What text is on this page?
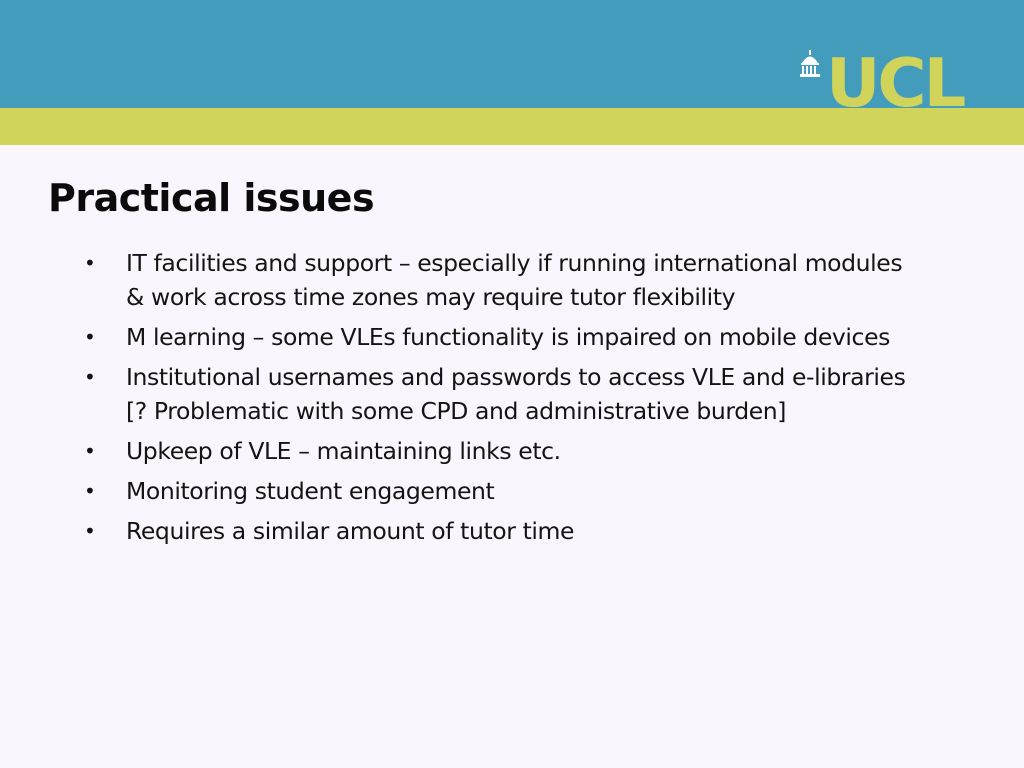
UCL
Practical issues
•	IT facilities and support – especially if running international modules & work across time zones may require tutor flexibility
•	M learning – some VLEs functionality is impaired on mobile devices
•	Institutional usernames and passwords to access VLE and e-libraries [? Problematic with some CPD and administrative burden]
•	Upkeep of VLE – maintaining links etc.
•	Monitoring student engagement
•	Requires a similar amount of tutor time
